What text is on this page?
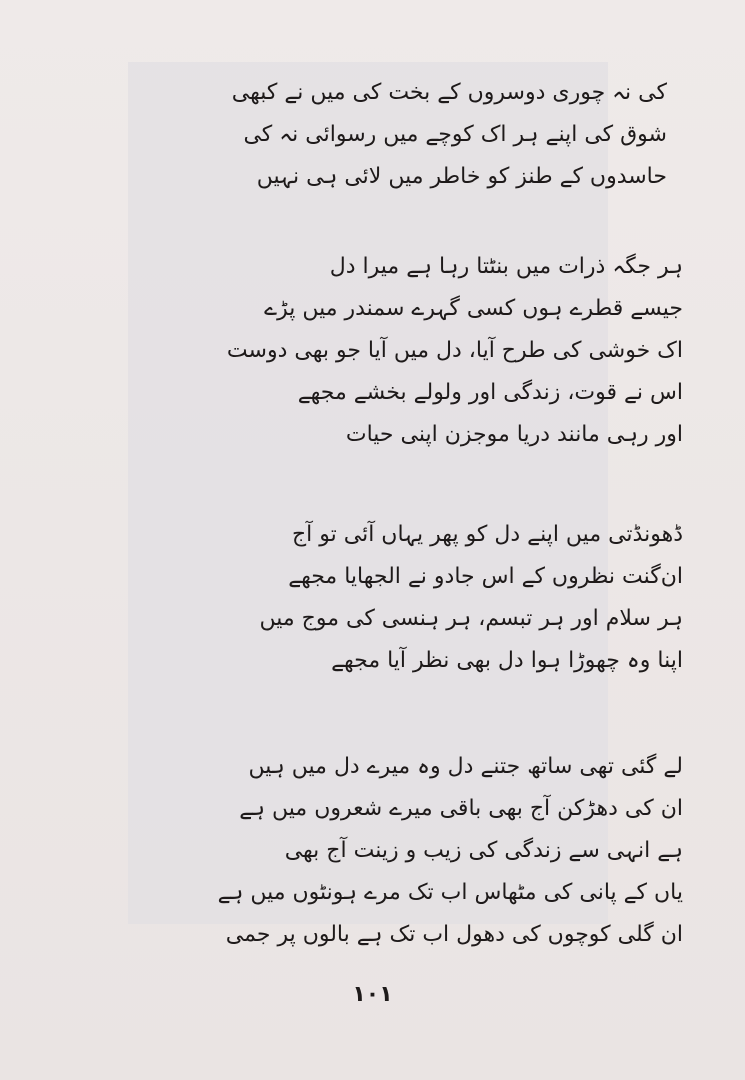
کی نہ چوری دوسروں کے بخت کی میں نے کبھی
شوق کی اپنے ہر اک کوچے میں رسوائی نہ کی
حاسدوں کے طنز کو خاطر میں لائی ہی نہیں
ہر جگہ ذرات میں بنٹتا رہا ہے میرا دل
جیسے قطرے ہوں کسی گہرے سمندر میں پڑے
اک خوشی کی طرح آیا، دل میں آیا جو بھی دوست
اس نے قوت، زندگی اور ولولے بخشے مجھے
اور رہی مانند دریا موجزن اپنی حیات
ڈھونڈتی میں اپنے دل کو پھر یہاں آئی تو آج
ان‌گنت نظروں کے اس جادو نے الجھایا مجھے
ہر سلام اور ہر تبسم، ہر ہنسی کی موج میں
اپنا وہ چھوڑا ہوا دل بھی نظر آیا مجھے
لے گئی تھی ساتھ جتنے دل وہ میرے دل میں ہیں
ان کی دھڑکن آج بھی باقی میرے شعروں میں ہے
ہے انہی سے زندگی کی زیب و زینت آج بھی
یاں کے پانی کی مٹھاس اب تک مرے ہونٹوں میں ہے
ان گلی کوچوں کی دھول اب تک ہے بالوں پر جمی
۱۰۱
